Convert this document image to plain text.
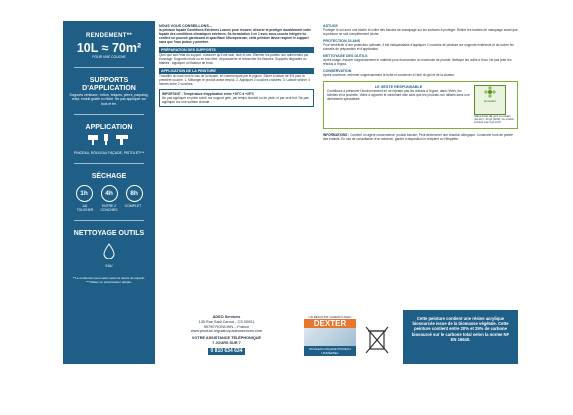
RENDEMENT**
10L ≈ 70m²
POUR UNE COUCHE
SUPPORTS D'APPLICATION
Supports verticaux : béton, briques, pierre, parpaing, crépi, enduit gratté ou ribbé. Ne pas appliquer sur bois et fer.
APPLICATION
PINCEAU, ROULEAU FAÇADE, PISTOLET***
SÉCHAGE
1h	4h	8h
AU TOUCHER
ENTRE 2 COUCHES
COMPLET
NETTOYAGE OUTILS
EAU
**Le rendement peut varier selon la nature du support. ***Utiliser un pulvérisateur adapté.
NOUS VOUS CONSEILLONS...
la peinture façade Conditions Extrêmes Luxens pour rénover, décorer et protéger durablement votre façade des conditions climatiques extrêmes. Sa formulation 2 en 1 avec sous-couche intégrée lui confère un pouvoir garnissant et opacifiant. Microporeuse, cette peinture laisse respirer le support sans que l'eau puisse y pénétrer.
PRÉPARATION DES SUPPORTS
Quel que soit l'état du support, s'assurer qu'il est sain, lavé et sec. Éliminer les parties non adhérentes par brossage. Supports neufs ou en bon état : dépoussiérer et reboucher les fissures. Supports dégradés ou friables : appliquer un fixateur de fond.
APPLICATION DE LA PEINTURE
Travailler du haut vers le bas de la façade, en commençant par le pignon. Diluer à raison de 5% pour la première couche. 1. Mélanger le produit avant emploi. 2. Appliquer 2 couches croisées. 3. Laisser sécher 4 heures entre 2 couches.
IMPORTANT : Température d'application entre +10°C à +25°C
Ne pas appliquer en plein soleil, sur support gelé, par temps humide ou de pluie, ni par vent fort. Ne pas appliquer sur une surface chaude.
ASTUCE
Protéger le sol avec une bâche et coller des bandes de masquage sur les surfaces à protéger. Retirer les bandes de masquage avant que la peinture ne soit complètement sèche.
PROTECTION 15 ANS
Pour bénéficier d'une protection optimale, il est indispensable d'appliquer 2 couches de peinture sur supports extérieurs et de suivre les conseils de préparation et d'application.
NETTOYAGE DES OUTILS
Après usage, essorer soigneusement le matériel pour économiser un maximum de produit. Nettoyer les outils à l'eau. Ne pas jeter les résidus à l'égout.
CONSERVATION
Après ouverture, refermer soigneusement la boîte et conserver à l'abri du gel et de la chaleur.
LE GESTE RESPONSABLE
Contribuez à préserver l'environnement en ne rejetant pas les résidus à l'égout, dans l'évier, les toilettes et la poubelle. Vidéz à apporter le contenant vide ainsi que les produits non utilisés dans une déchetterie spécialisée.	Ecolabel
Valeur limite UE pour ce produit (cat A/c) : 40 g/l (2010). Ce produit contient max 3 g/l COV.
INFORMATIONS : Contient un agent conservateur, produit biocide. Peut déclencher une réaction allergique. Conserver hors de portée des enfants. En cas de consultation d'un médecin, garder à disposition le récipient ou l'étiquette.
ADEO Services
135 Rue Sadi Carnot - CS 00001
59790 RONCHIN – France
www.product-regulatory.adeoservices.com
VOTRE ASSISTANCE TÉLÉPHONIQUE
7 JOURS SUR 7
0 810 634 634
UN RÉSULTAT GARANTI AVEC
DEXTER
ROULEAU FAÇADE PINCEAU UNIVERSEL
Cette peinture contient une résine acrylique biosourcée issue de la biomasse végétale. Cette peinture contient entre 20% et 25% de carbone biosourcé sur le carbone total selon la norme NF EN 16640.
